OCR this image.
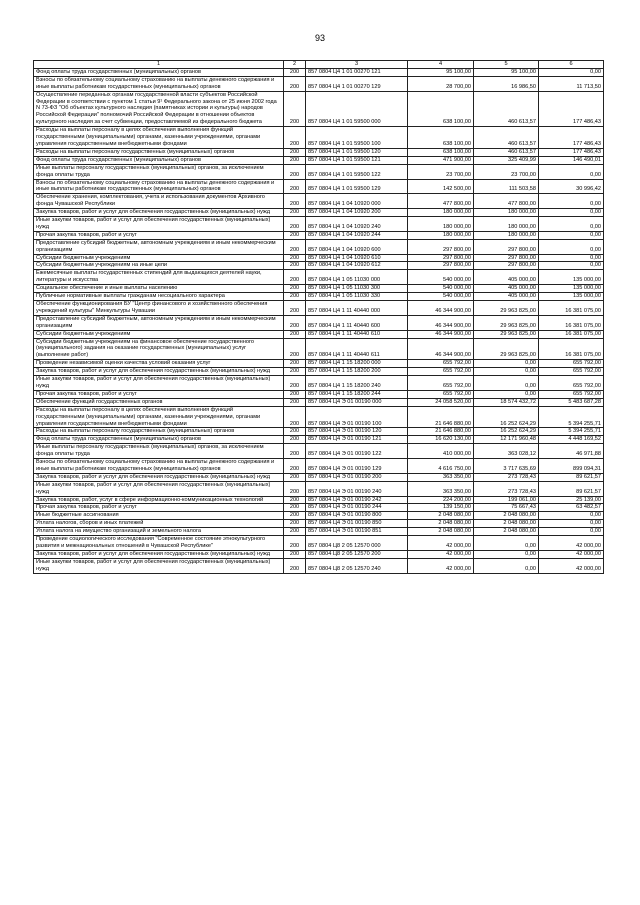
93
1	2	3	4	5	6
Фонд оплаты труда государственных (муниципальных) органов	200	857 0804 Ц4 1 01 00270 121	95 100,00	95 100,00	0,00
Взносы по обязательному социальному страхованию на выплаты денежного содержания и иные выплаты работникам государственных (муниципальных) органов	200	857 0804 Ц4 1 01 00270 129	28 700,00	16 986,50	11 713,50
Осуществление переданных органам государственной власти субъектов Российской Федерации в соответствии с пунктом 1 статьи 9¹ Федерального закона от 25 июня 2002 года N 73-ФЗ "Об объектах культурного наследия (памятниках истории и культуры) народов Российской Федерации" полномочий Российской Федерации в отношении объектов культурного наследия за счет субвенции, предоставляемой из федерального бюджета	200	857 0804 Ц4 1 01 59500 000	638 100,00	460 613,57	177 486,43
Расходы на выплаты персоналу в целях обеспечения выполнения функций государственными (муниципальными) органами, казенными учреждениями, органами управления государственными внебюджетными фондами	200	857 0804 Ц4 1 01 59500 100	638 100,00	460 613,57	177 486,43
Расходы на выплаты персоналу государственных (муниципальных) органов	200	857 0804 Ц4 1 01 59500 120	638 100,00	460 613,57	177 486,43
Фонд оплаты труда государственных (муниципальных) органов	200	857 0804 Ц4 1 01 59500 121	471 900,00	325 409,99	146 490,01
Иные выплаты персоналу государственных (муниципальных) органов, за исключением фонда оплаты труда	200	857 0804 Ц4 1 01 59500 122	23 700,00	23 700,00	0,00
Взносы по обязательному социальному страхованию на выплаты денежного содержания и иные выплаты работникам государственных (муниципальных) органов	200	857 0804 Ц4 1 01 59500 129	142 500,00	111 503,58	30 996,42
Обеспечение хранения, комплектования, учета и использования документов Архивного фонда Чувашской Республики	200	857 0804 Ц4 1 04 10920 000	477 800,00	477 800,00	0,00
Закупка товаров, работ и услуг для обеспечения государственных (муниципальных) нужд	200	857 0804 Ц4 1 04 10920 200	180 000,00	180 000,00	0,00
Иные закупки товаров, работ и услуг для обеспечения государственных (муниципальных) нужд	200	857 0804 Ц4 1 04 10920 240	180 000,00	180 000,00	0,00
Прочая закупка товаров, работ и услуг	200	857 0804 Ц4 1 04 10920 244	180 000,00	180 000,00	0,00
Предоставление субсидий бюджетным, автономным учреждениям и иным некоммерческим организациям	200	857 0804 Ц4 1 04 10920 600	297 800,00	297 800,00	0,00
Субсидии бюджетным учреждениям	200	857 0804 Ц4 1 04 10920 610	297 800,00	297 800,00	0,00
Субсидии бюджетным учреждениям на иные цели	200	857 0804 Ц4 1 04 10920 612	297 800,00	297 800,00	0,00
Ежемесячные выплаты государственных стипендий для выдающихся деятелей науки, литературы и искусства	200	857 0804 Ц4 1 05 11030 000	540 000,00	405 000,00	135 000,00
Социальное обеспечение и иные выплаты населению	200	857 0804 Ц4 1 05 11030 300	540 000,00	405 000,00	135 000,00
Публичные нормативные выплаты гражданам несоциального характера	200	857 0804 Ц4 1 05 11030 330	540 000,00	405 000,00	135 000,00
Обеспечение функционирования БУ "Центр финансового и хозяйственного обеспечения учреждений культуры" Минкультуры Чувашии	200	857 0804 Ц4 1 11 40440 000	46 344 900,00	29 963 825,00	16 381 075,00
Предоставление субсидий бюджетным, автономным учреждениям и иным некоммерческим организациям	200	857 0804 Ц4 1 11 40440 600	46 344 900,00	29 963 825,00	16 381 075,00
Субсидии бюджетным учреждениям	200	857 0804 Ц4 1 11 40440 610	46 344 900,00	29 963 825,00	16 381 075,00
Субсидии бюджетным учреждениям на финансовое обеспечение государственного (муниципального) задания на оказание государственных (муниципальных) услуг (выполнение работ)	200	857 0804 Ц4 1 11 40440 611	46 344 900,00	29 963 825,00	16 381 075,00
Проведение независимой оценки качества условий оказания услуг	200	857 0804 Ц4 1 15 18200 000	655 792,00	0,00	655 792,00
Закупка товаров, работ и услуг для обеспечения государственных (муниципальных) нужд	200	857 0804 Ц4 1 15 18200 200	655 792,00	0,00	655 792,00
Иные закупки товаров, работ и услуг для обеспечения государственных (муниципальных) нужд	200	857 0804 Ц4 1 15 18200 240	655 792,00	0,00	655 792,00
Прочая закупка товаров, работ и услуг	200	857 0804 Ц4 1 15 18200 244	655 792,00	0,00	655 792,00
Обеспечение функций государственных органов	200	857 0804 Ц4 Э 01 00190 000	24 058 520,00	18 574 432,72	5 483 687,28
Расходы на выплаты персоналу в целях обеспечения выполнения функций государственными (муниципальными) органами, казенными учреждениями, органами управления государственными внебюджетными фондами	200	857 0804 Ц4 Э 01 00190 100	21 646 880,00	16 252 624,29	5 394 255,71
Расходы на выплаты персоналу государственных (муниципальных) органов	200	857 0804 Ц4 Э 01 00190 120	21 646 880,00	16 252 624,29	5 394 255,71
Фонд оплаты труда государственных (муниципальных) органов	200	857 0804 Ц4 Э 01 00190 121	16 620 130,00	12 171 960,48	4 448 169,52
Иные выплаты персоналу государственных (муниципальных) органов, за исключением фонда оплаты труда	200	857 0804 Ц4 Э 01 00190 122	410 000,00	363 028,12	46 971,88
Взносы по обязательному социальному страхованию на выплаты денежного содержания и иные выплаты работникам государственных (муниципальных) органов	200	857 0804 Ц4 Э 01 00190 129	4 616 750,00	3 717 635,69	899 094,31
Закупка товаров, работ и услуг для обеспечения государственных (муниципальных) нужд	200	857 0804 Ц4 Э 01 00190 200	363 350,00	273 728,43	89 621,57
Иные закупки товаров, работ и услуг для обеспечения государственных (муниципальных) нужд	200	857 0804 Ц4 Э 01 00190 240	363 350,00	273 728,43	89 621,57
Закупка товаров, работ, услуг в сфере информационно-коммуникационных технологий	200	857 0804 Ц4 Э 01 00190 242	224 200,00	199 061,00	25 139,00
Прочая закупка товаров, работ и услуг	200	857 0804 Ц4 Э 01 00190 244	139 150,00	75 667,43	63 482,57
Иные бюджетные ассигнования	200	857 0804 Ц4 Э 01 00190 800	2 048 080,00	2 048 080,00	0,00
Уплата налогов, сборов и иных платежей	200	857 0804 Ц4 Э 01 00190 850	2 048 080,00	2 048 080,00	0,00
Уплата налога на имущество организаций и земельного налога	200	857 0804 Ц4 Э 01 00190 851	2 048 080,00	2 048 080,00	0,00
Проведение социологического исследования "Современное состояние этнокультурного развития и межнациональных отношений в Чувашской Республике"	200	857 0804 Ц8 2 05 12570 000	42 000,00	0,00	42 000,00
Закупка товаров, работ и услуг для обеспечения государственных (муниципальных) нужд	200	857 0804 Ц8 2 05 12570 200	42 000,00	0,00	42 000,00
Иные закупки товаров, работ и услуг для обеспечения государственных (муниципальных) нужд	200	857 0804 Ц8 2 05 12570 240	42 000,00	0,00	42 000,00
